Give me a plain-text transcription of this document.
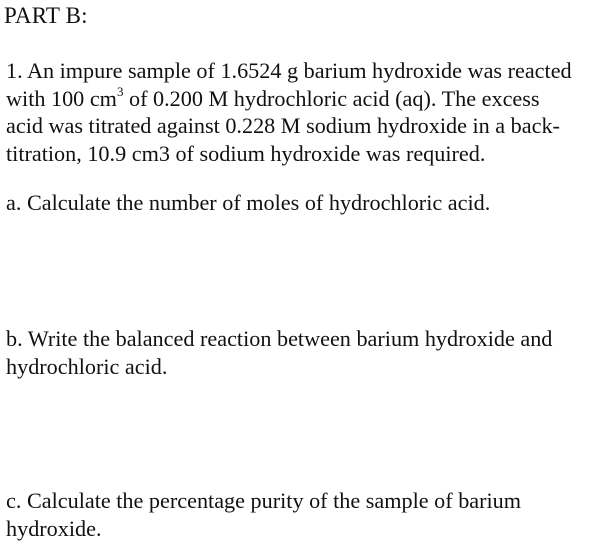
PART B:
1. An impure sample of 1.6524 g barium hydroxide was reacted
with 100 $cm^3$ of 0.200 M hydrochloric acid (aq). The excess
acid was titrated against 0.228 M sodium hydroxide in a back-
titration, 10.9 cm3 of sodium hydroxide was required.
a. Calculate the number of moles of hydrochloric acid.
b. Write the balanced reaction between barium hydroxide and
hydrochloric acid.
c. Calculate the percentage purity of the sample of barium
hydroxide.
